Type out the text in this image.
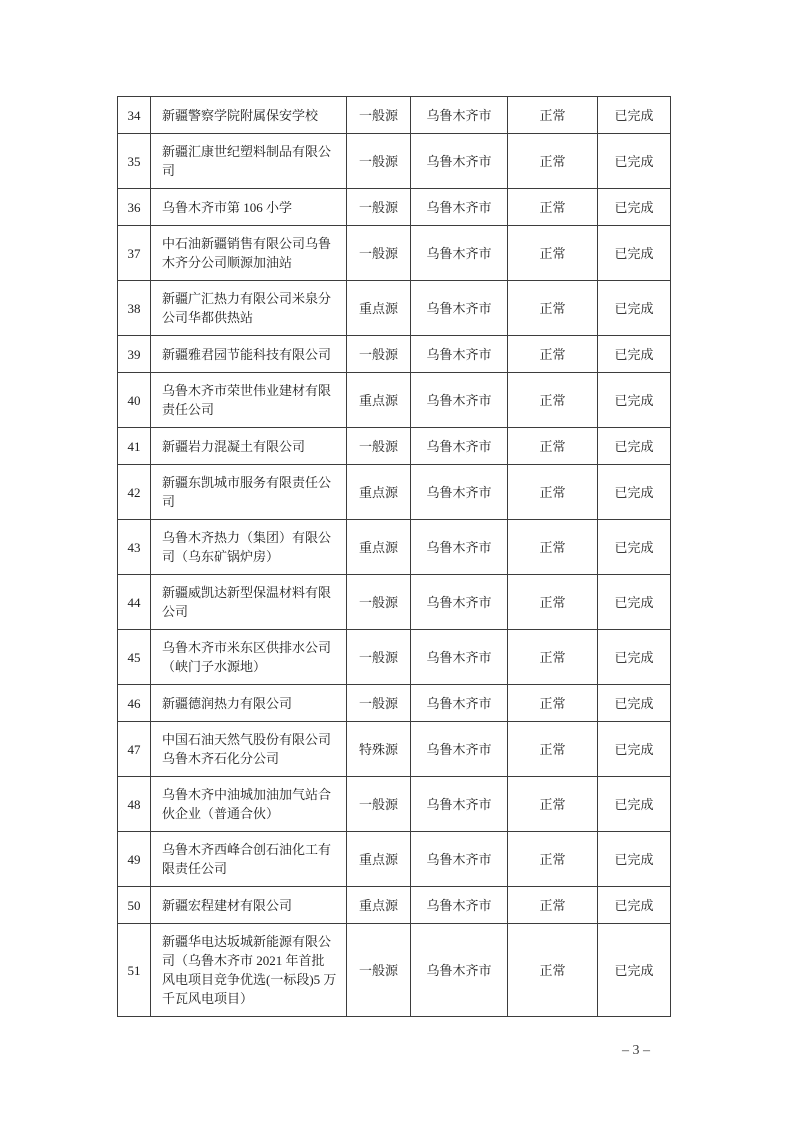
34	新疆警察学院附属保安学校	一般源	乌鲁木齐市	正常	已完成
35	新疆汇康世纪塑料制品有限公司	一般源	乌鲁木齐市	正常	已完成
36	乌鲁木齐市第 106 小学	一般源	乌鲁木齐市	正常	已完成
37	中石油新疆销售有限公司乌鲁木齐分公司顺源加油站	一般源	乌鲁木齐市	正常	已完成
38	新疆广汇热力有限公司米泉分公司华都供热站	重点源	乌鲁木齐市	正常	已完成
39	新疆雅君园节能科技有限公司	一般源	乌鲁木齐市	正常	已完成
40	乌鲁木齐市荣世伟业建材有限责任公司	重点源	乌鲁木齐市	正常	已完成
41	新疆岩力混凝土有限公司	一般源	乌鲁木齐市	正常	已完成
42	新疆东凯城市服务有限责任公司	重点源	乌鲁木齐市	正常	已完成
43	乌鲁木齐热力（集团）有限公司（乌东矿锅炉房）	重点源	乌鲁木齐市	正常	已完成
44	新疆威凯达新型保温材料有限公司	一般源	乌鲁木齐市	正常	已完成
45	乌鲁木齐市米东区供排水公司（峡门子水源地）	一般源	乌鲁木齐市	正常	已完成
46	新疆德润热力有限公司	一般源	乌鲁木齐市	正常	已完成
47	中国石油天然气股份有限公司乌鲁木齐石化分公司	特殊源	乌鲁木齐市	正常	已完成
48	乌鲁木齐中油城加油加气站合伙企业（普通合伙）	一般源	乌鲁木齐市	正常	已完成
49	乌鲁木齐西峰合创石油化工有限责任公司	重点源	乌鲁木齐市	正常	已完成
50	新疆宏程建材有限公司	重点源	乌鲁木齐市	正常	已完成
51	新疆华电达坂城新能源有限公司（乌鲁木齐市 2021 年首批风电项目竞争优选(一标段)5 万千瓦风电项目）	一般源	乌鲁木齐市	正常	已完成
– 3 –
